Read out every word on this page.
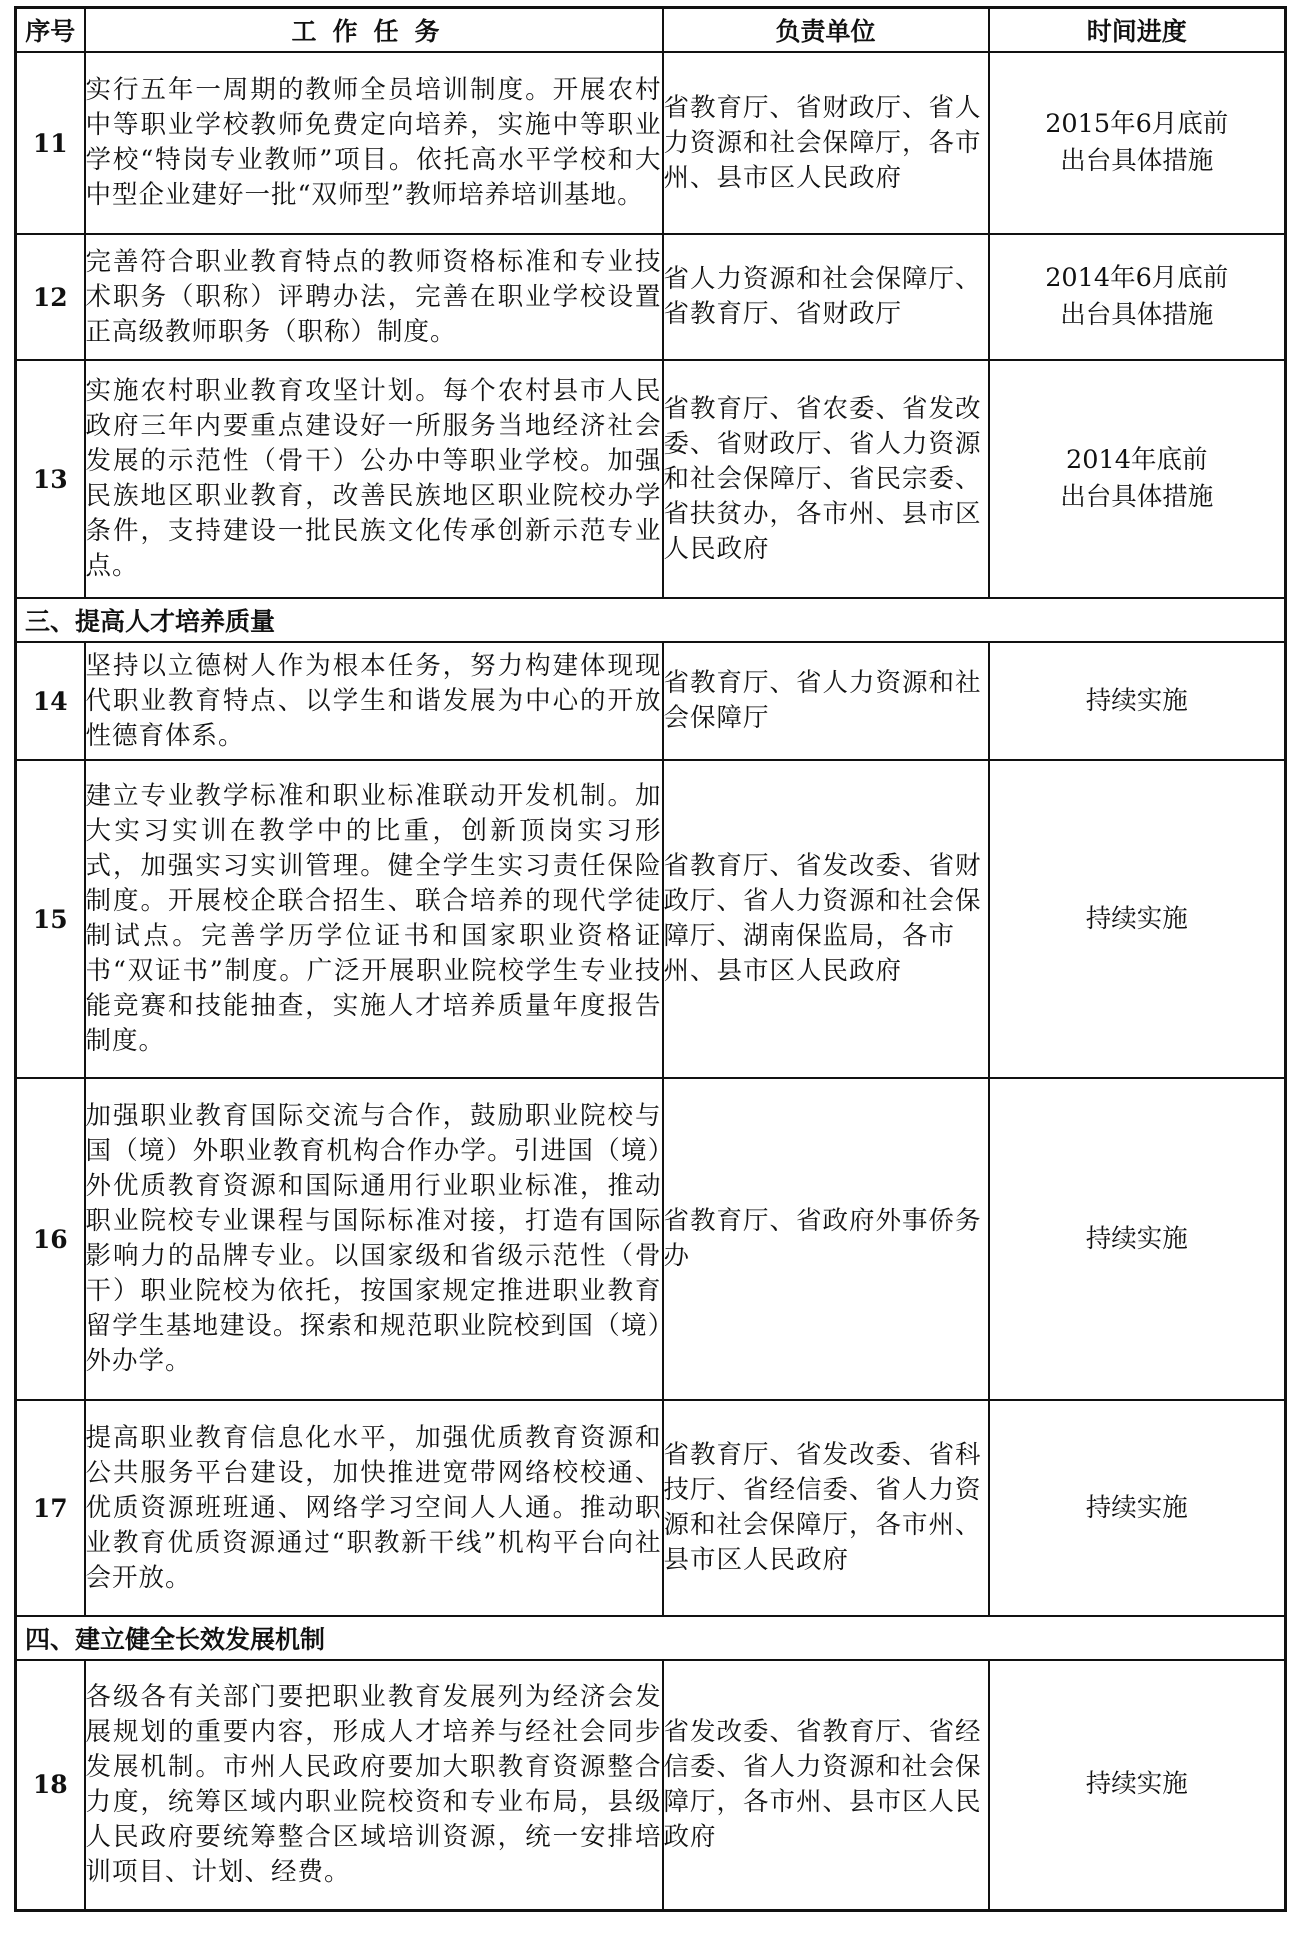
序号	工作任务	负责单位	时间进度
11	实行五年一周期的教师全员培训制度。开展农村中等职业学校教师免费定向培养，实施中等职业学校“特岗专业教师”项目。依托高水平学校和大中型企业建好一批“双师型”教师培养培训基地。	省教育厅、省财政厅、省人力资源和社会保障厅，各市州、县市区人民政府	2015年6月底前
出台具体措施

12	完善符合职业教育特点的教师资格标准和专业技术职务（职称）评聘办法，完善在职业学校设置正高级教师职务（职称）制度。	省人力资源和社会保障厅、省教育厅、省财政厅	2014年6月底前
出台具体措施

13	实施农村职业教育攻坚计划。每个农村县市人民政府三年内要重点建设好一所服务当地经济社会发展的示范性（骨干）公办中等职业学校。加强民族地区职业教育，改善民族地区职业院校办学条件，支持建设一批民族文化传承创新示范专业点。	省教育厅、省农委、省发改委、省财政厅、省人力资源和社会保障厅、省民宗委、省扶贫办，各市州、县市区人民政府	2014年底前
出台具体措施

三、提高人才培养质量			
14	坚持以立德树人作为根本任务，努力构建体现现代职业教育特点、以学生和谐发展为中心的开放性德育体系。	省教育厅、省人力资源和社会保障厅	持续实施

15	建立专业教学标准和职业标准联动开发机制。加大实习实训在教学中的比重，创新顶岗实习形式，加强实习实训管理。健全学生实习责任保险制度。开展校企联合招生、联合培养的现代学徒制试点。完善学历学位证书和国家职业资格证书“双证书”制度。广泛开展职业院校学生专业技能竞赛和技能抽查，实施人才培养质量年度报告制度。	省教育厅、省发改委、省财政厅、省人力资源和社会保障厅、湖南保监局，各市州、县市区人民政府	持续实施

16	加强职业教育国际交流与合作，鼓励职业院校与国（境）外职业教育机构合作办学。引进国（境）外优质教育资源和国际通用行业职业标准，推动职业院校专业课程与国际标准对接，打造有国际影响力的品牌专业。以国家级和省级示范性（骨干）职业院校为依托，按国家规定推进职业教育留学生基地建设。探索和规范职业院校到国（境）外办学。	省教育厅、省政府外事侨务办	持续实施

17	提高职业教育信息化水平，加强优质教育资源和公共服务平台建设，加快推进宽带网络校校通、优质资源班班通、网络学习空间人人通。推动职业教育优质资源通过“职教新干线”机构平台向社会开放。	省教育厅、省发改委、省科技厅、省经信委、省人力资源和社会保障厅，各市州、县市区人民政府	持续实施

四、建立健全长效发展机制			
18	各级各有关部门要把职业教育发展列为经济会发展规划的重要内容，形成人才培养与经社会同步发展机制。市州人民政府要加大职教育资源整合力度，统筹区域内职业院校资和专业布局，县级人民政府要统筹整合区域培训资源，统一安排培训项目、计划、经费。	省发改委、省教育厅、省经信委、省人力资源和社会保障厅，各市州、县市区人民政府	持续实施
